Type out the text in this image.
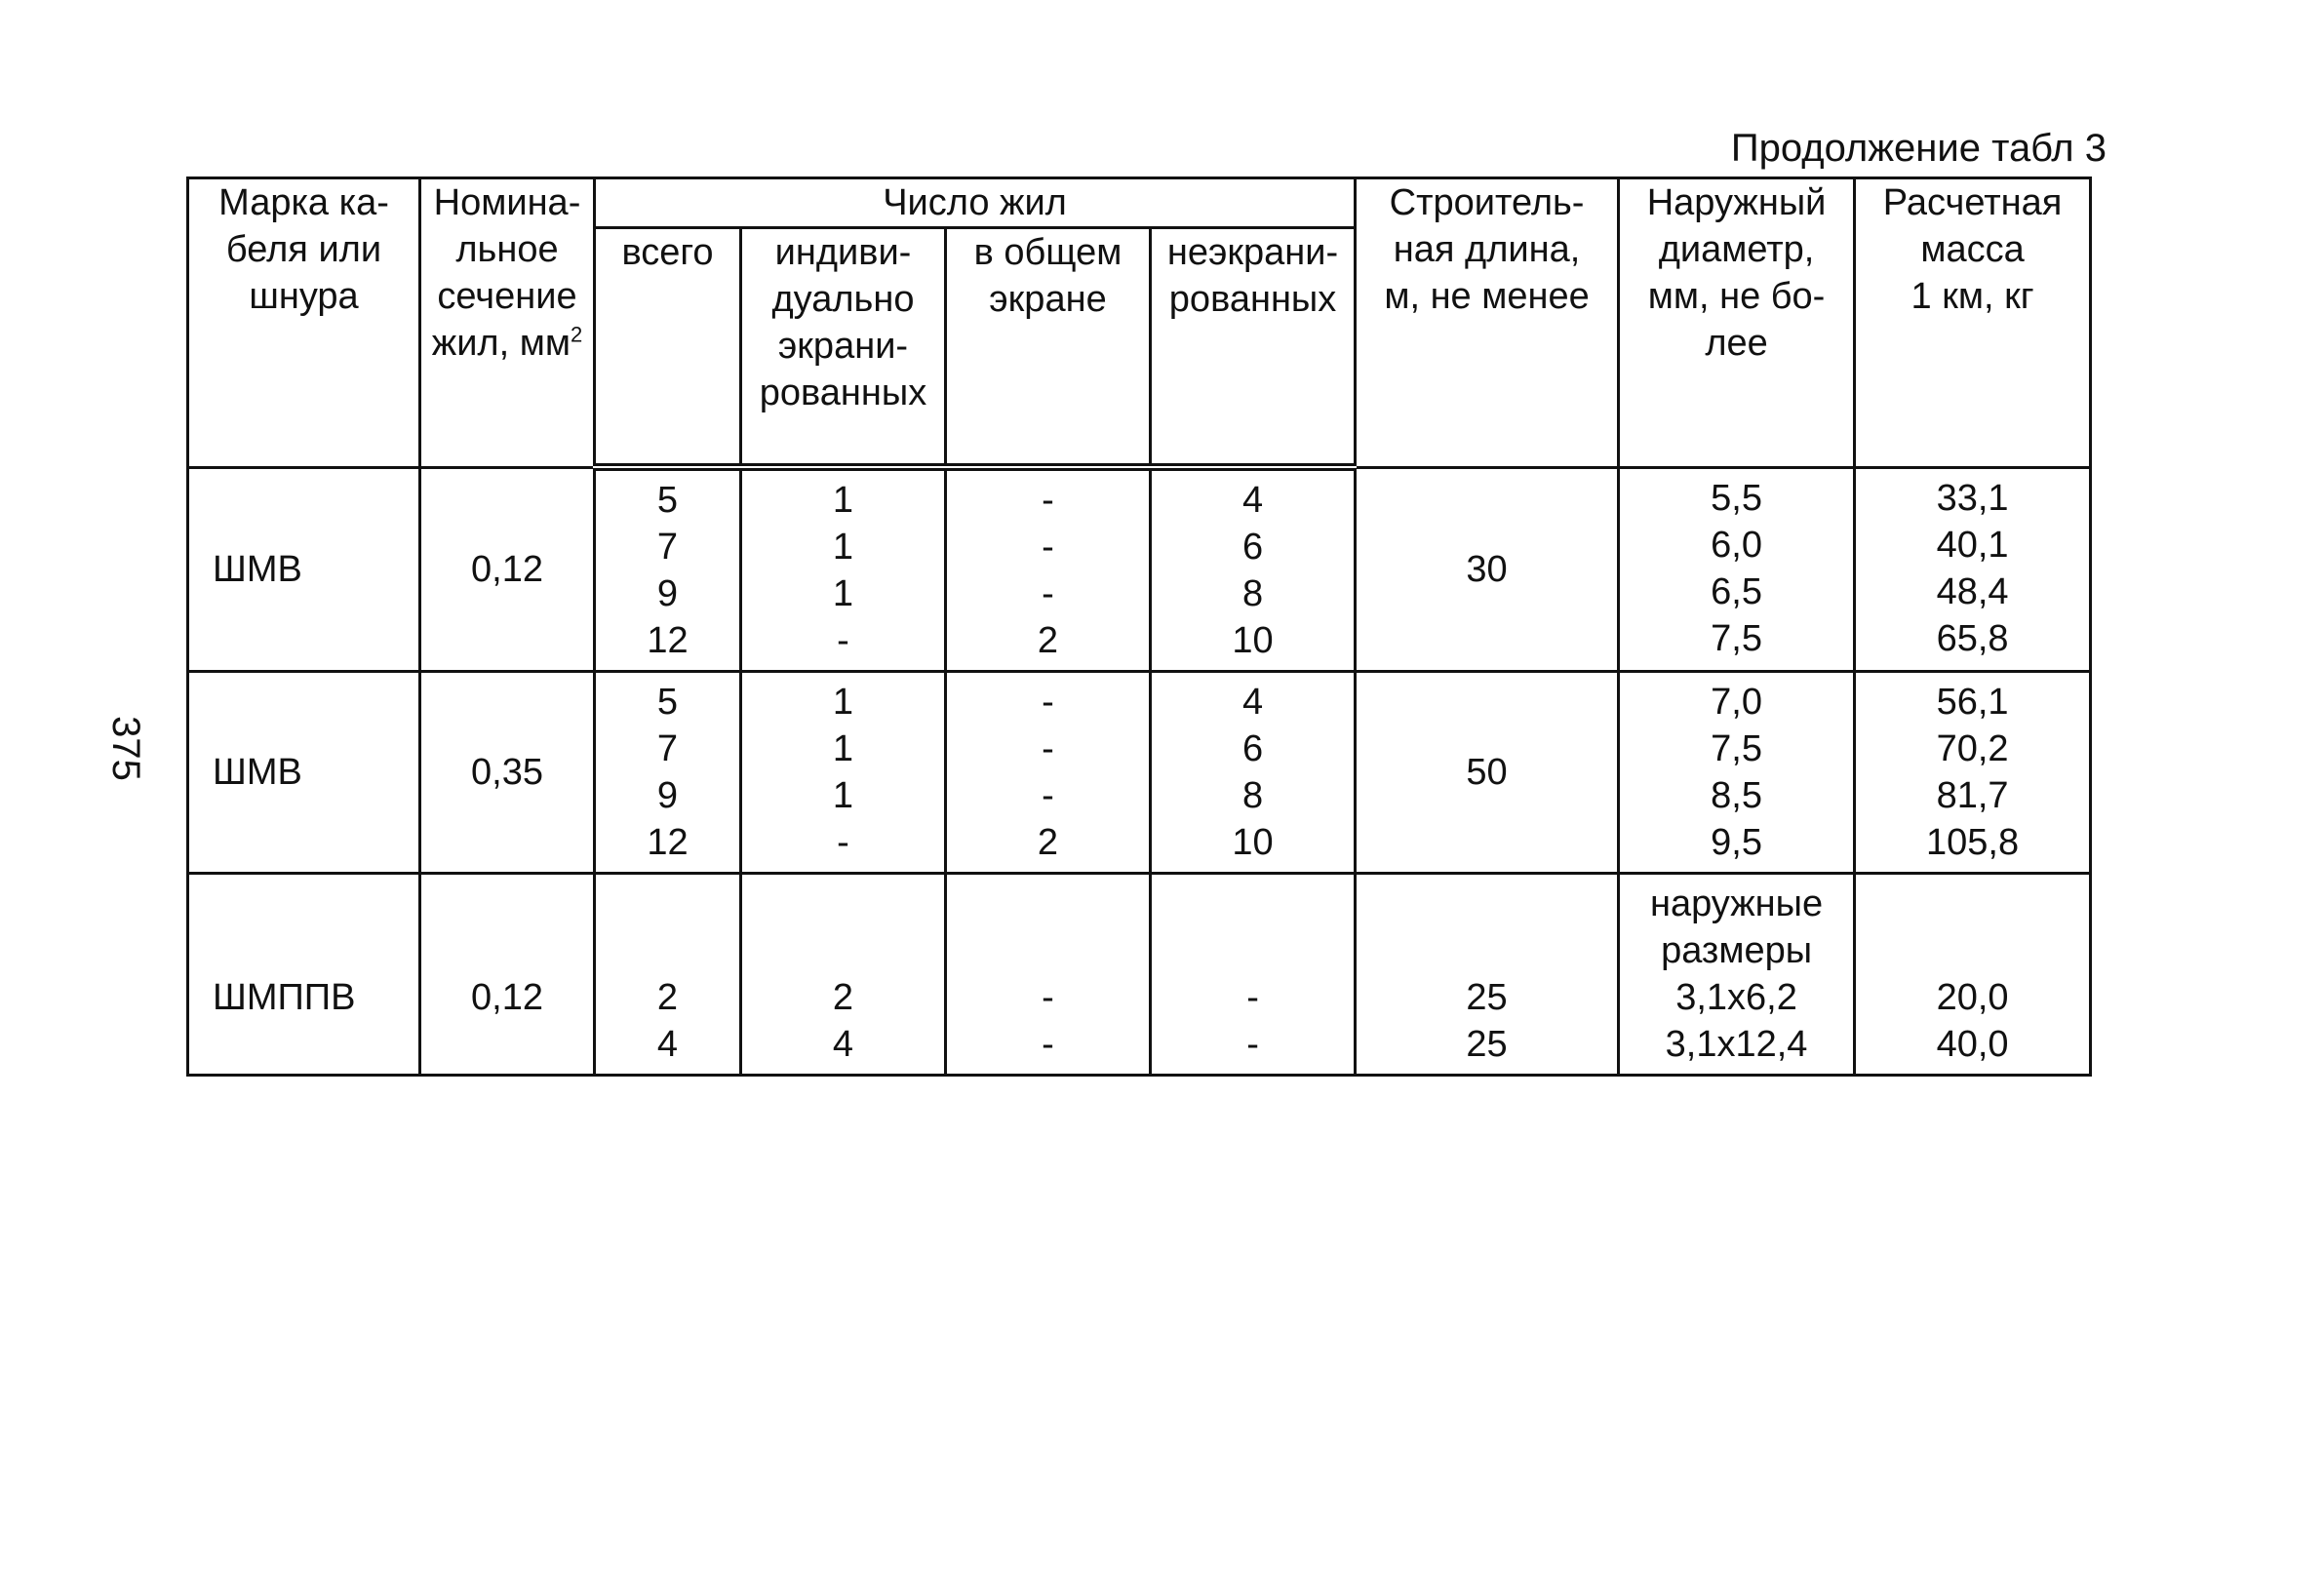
Продолжение табл 3
375
Марка ка-
беля или
шнура	Номина-
льное
сечение
жил, $мм^2$	Число жил				Строитель-
ная длина,
м, не менее	Наружный
диаметр,
мм, не бо-
лее	Расчетная
масса
1 км, кг

		всего	индиви-
дуально
экрани-
рованных	в общем
экране	неэкрани-
рованных			

ШМВ	0,12	5
7
9
12	1
1
1
-	-
-
-
2	4
6
8
10	30	5,5
6,0
6,5
7,5	33,1
40,1
48,4
65,8

ШМВ	0,35	5
7
9
12	1
1
1
-	-
-
-
2	4
6
8
10	50	7,0
7,5
8,5
9,5	56,1
70,2
81,7
105,8

ШМППВ	0,12	2
4	2
4	-
-	-
-	25
25	наружные
размеры
3,1x6,2
3,1x12,4	20,0
40,0
